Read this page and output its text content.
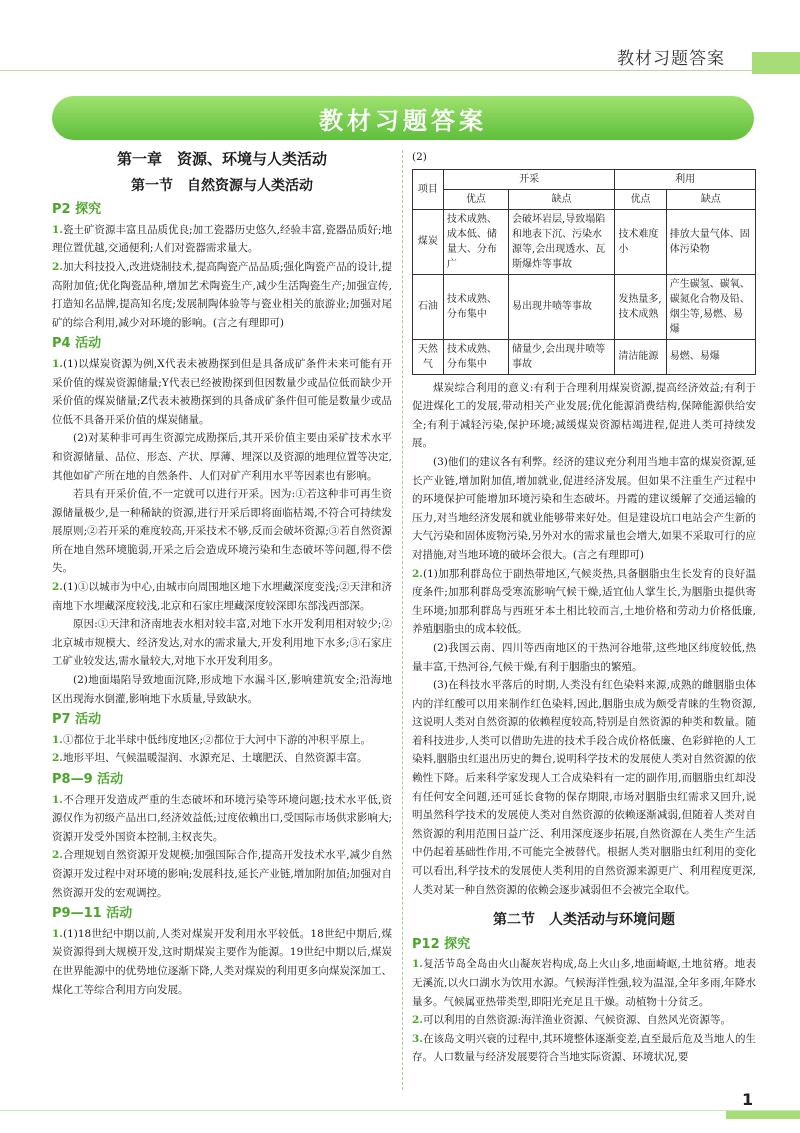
教材习题答案
教材习题答案
第一章　资源、环境与人类活动
第一节　自然资源与人类活动
P2 探究

1.瓷土矿资源丰富且品质优良;加工瓷器历史悠久,经验丰富,瓷器品质好;地理位置优越,交通便利;人们对瓷器需求量大。

2.加大科技投入,改进烧制技术,提高陶瓷产品品质;强化陶瓷产品的设计,提高附加值;优化陶瓷品种,增加艺术陶瓷生产,减少生活陶瓷生产;加强宣传,打造知名品牌,提高知名度;发展制陶体验等与瓷业相关的旅游业;加强对尾矿的综合利用,减少对环境的影响。(言之有理即可)

P4 活动

1.(1)以煤炭资源为例,X代表未被勘探到但是具备成矿条件未来可能有开采价值的煤炭资源储量;Y代表已经被勘探到但因数量少或品位低而缺少开采价值的煤炭储量;Z代表未被勘探到的具备成矿条件但可能是数量少或品位低不具备开采价值的煤炭储量。

(2)对某种非可再生资源完成勘探后,其开采价值主要由采矿技术水平和资源储量、品位、形态、产状、厚薄、埋深以及资源的地理位置等决定,其他如矿产所在地的自然条件、人们对矿产利用水平等因素也有影响。

若具有开采价值,不一定就可以进行开采。因为:①若这种非可再生资源储量极少,是一种稀缺的资源,进行开采后即将面临枯竭,不符合可持续发展原则;②若开采的难度较高,开采技术不够,反而会破坏资源;③若自然资源所在地自然环境脆弱,开采之后会造成环境污染和生态破坏等问题,得不偿失。

2.(1)①以城市为中心,由城市向周围地区地下水埋藏深度变浅;②天津和济南地下水埋藏深度较浅,北京和石家庄埋藏深度较深即东部浅西部深。

原因:①天津和济南地表水相对较丰富,对地下水开发利用相对较少;②北京城市规模大、经济发达,对水的需求量大,开发利用地下水多;③石家庄工矿业较发达,需水量较大,对地下水开发利用多。

(2)地面塌陷导致地面沉降,形成地下水漏斗区,影响建筑安全;沿海地区出现海水倒灌,影响地下水质量,导致缺水。

P7 活动

1.①都位于北半球中低纬度地区;②都位于大河中下游的冲积平原上。

2.地形平坦、气候温暖湿润、水源充足、土壤肥沃、自然资源丰富。

P8—9 活动

1.不合理开发造成严重的生态破坏和环境污染等环境问题;技术水平低,资源仅作为初级产品出口,经济效益低;过度依赖出口,受国际市场供求影响大;资源开发受外国资本控制,主权丧失。

2.合理规划自然资源开发规模;加强国际合作,提高开发技术水平,减少自然资源开发过程中对环境的影响;发展科技,延长产业链,增加附加值;加强对自然资源开发的宏观调控。

P9—11 活动

1.(1)18世纪中期以前,人类对煤炭开发利用水平较低。18世纪中期后,煤炭资源得到大规模开发,这时期煤炭主要作为能源。19世纪中期以后,煤炭在世界能源中的优势地位逐渐下降,人类对煤炭的利用更多向煤炭深加工、煤化工等综合利用方向发展。

(2)

项目	开采		利用	
	优点	缺点	优点	缺点
煤炭	技术成熟、成本低、储量大、分布广	会破坏岩层,导致塌陷和地表下沉、污染水源等,会出现透水、瓦斯爆炸等事故	技术难度小	排放大量气体、固体污染物
石油	技术成熟、分布集中	易出现井喷等事故	发热量多,技术成熟	产生碳氢、碳氧、碳氮化合物及铅、烟尘等,易燃、易爆
天然气	技术成熟、分布集中	储量少,会出现井喷等事故	清洁能源	易燃、易爆

煤炭综合利用的意义:有利于合理利用煤炭资源,提高经济效益;有利于促进煤化工的发展,带动相关产业发展;优化能源消费结构,保障能源供给安全;有利于减轻污染,保护环境;减缓煤炭资源枯竭进程,促进人类可持续发展。

(3)他们的建议各有利弊。经济的建议充分利用当地丰富的煤炭资源,延长产业链,增加附加值,增加就业,促进经济发展。但如果不注重生产过程中的环境保护可能增加环境污染和生态破坏。丹霞的建议缓解了交通运输的压力,对当地经济发展和就业能够带来好处。但是建设坑口电站会产生新的大气污染和固体废物污染,另外对水的需求量也会增大,如果不采取可行的应对措施,对当地环境的破坏会很大。(言之有理即可)

2.(1)加那利群岛位于副热带地区,气候炎热,具备胭脂虫生长发育的良好温度条件;加那利群岛受寒流影响气候干燥,适宜仙人掌生长,为胭脂虫提供寄生环境;加那利群岛与西班牙本土相比较而言,土地价格和劳动力价格低廉,养殖胭脂虫的成本较低。

(2)我国云南、四川等西南地区的干热河谷地带,这些地区纬度较低,热量丰富,干热河谷,气候干燥,有利于胭脂虫的繁殖。

(3)在科技水平落后的时期,人类没有红色染料来源,成熟的雌胭脂虫体内的洋红酸可以用来制作红色染料,因此,胭脂虫成为颇受青睐的生物资源,这说明人类对自然资源的依赖程度较高,特别是自然资源的种类和数量。随着科技进步,人类可以借助先进的技术手段合成价格低廉、色彩鲜艳的人工染料,胭脂虫红退出历史的舞台,说明科学技术的发展使人类对自然资源的依赖性下降。后来科学家发现人工合成染料有一定的副作用,而胭脂虫红却没有任何安全问题,还可延长食物的保存期限,市场对胭脂虫红需求又回升,说明虽然科学技术的发展使人类对自然资源的依赖逐渐减弱,但随着人类对自然资源的利用范围日益广泛、利用深度逐步拓展,自然资源在人类生产生活中仍起着基础性作用,不可能完全被替代。根据人类对胭脂虫红利用的变化可以看出,科学技术的发展使人类利用的自然资源来源更广、利用程度更深,人类对某一种自然资源的依赖会逐步减弱但不会被完全取代。

第二节　人类活动与环境问题
P12 探究

1.复活节岛全岛由火山凝灰岩构成,岛上火山多,地面崎岖,土地贫瘠。地表无溪流,以火口湖水为饮用水源。气候海洋性强,较为温湿,全年多雨,年降水量多。气候属亚热带类型,即阳光充足且干燥。动植物十分贫乏。

2.可以利用的自然资源:海洋渔业资源、气候资源、自然风光资源等。

3.在该岛文明兴衰的过程中,其环境整体逐渐变差,直至最后危及当地人的生存。人口数量与经济发展要符合当地实际资源、环境状况,要

1
